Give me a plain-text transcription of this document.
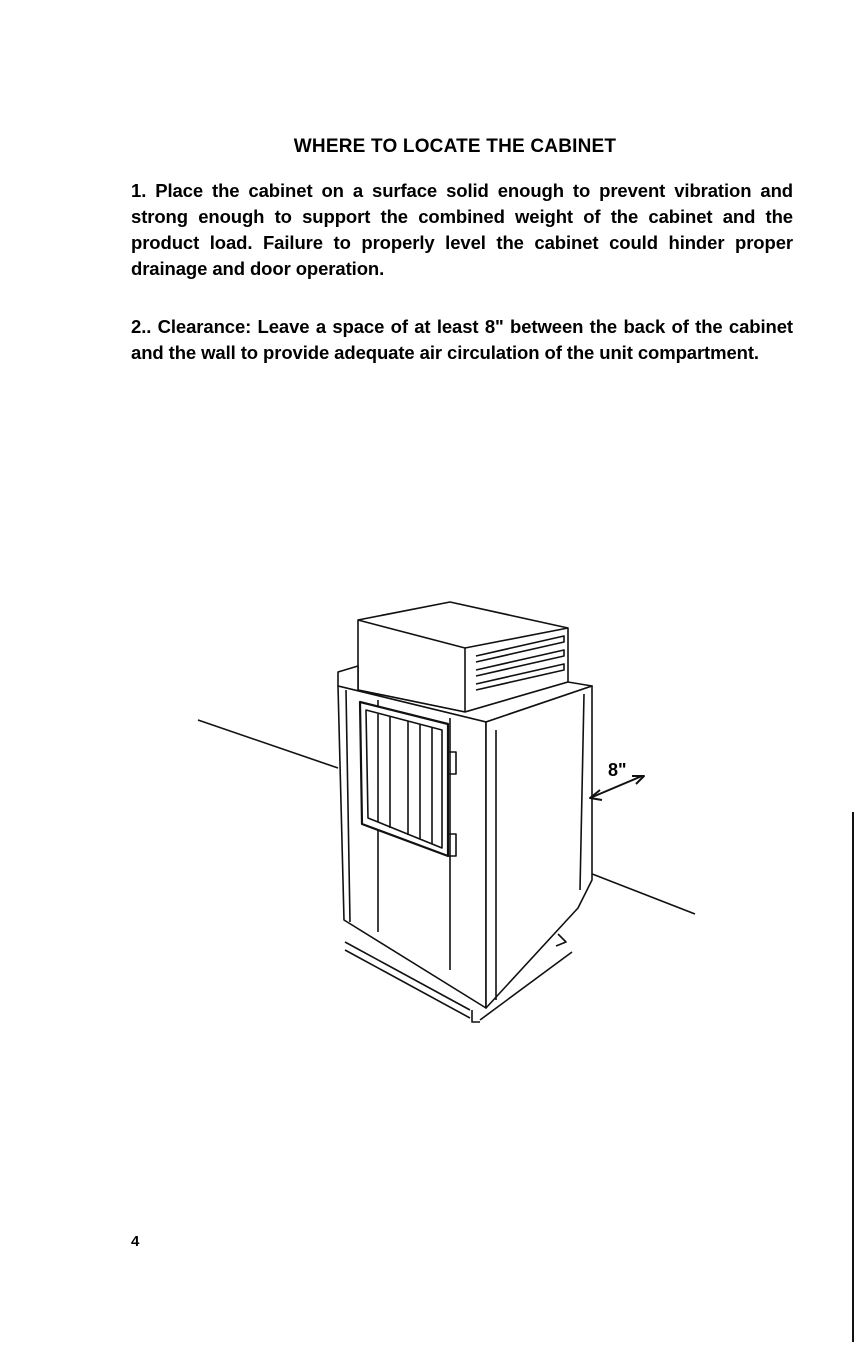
WHERE TO LOCATE THE CABINET
1. Place the cabinet on a surface solid enough to prevent vibration and strong enough to support the combined weight of the cabinet and the product load. Failure to properly level the cabinet could hinder proper drainage and door operation.
2.. Clearance: Leave a space of at least 8" between the back of the cabinet and the wall to provide adequate air circulation of the unit compartment.
8"
4
